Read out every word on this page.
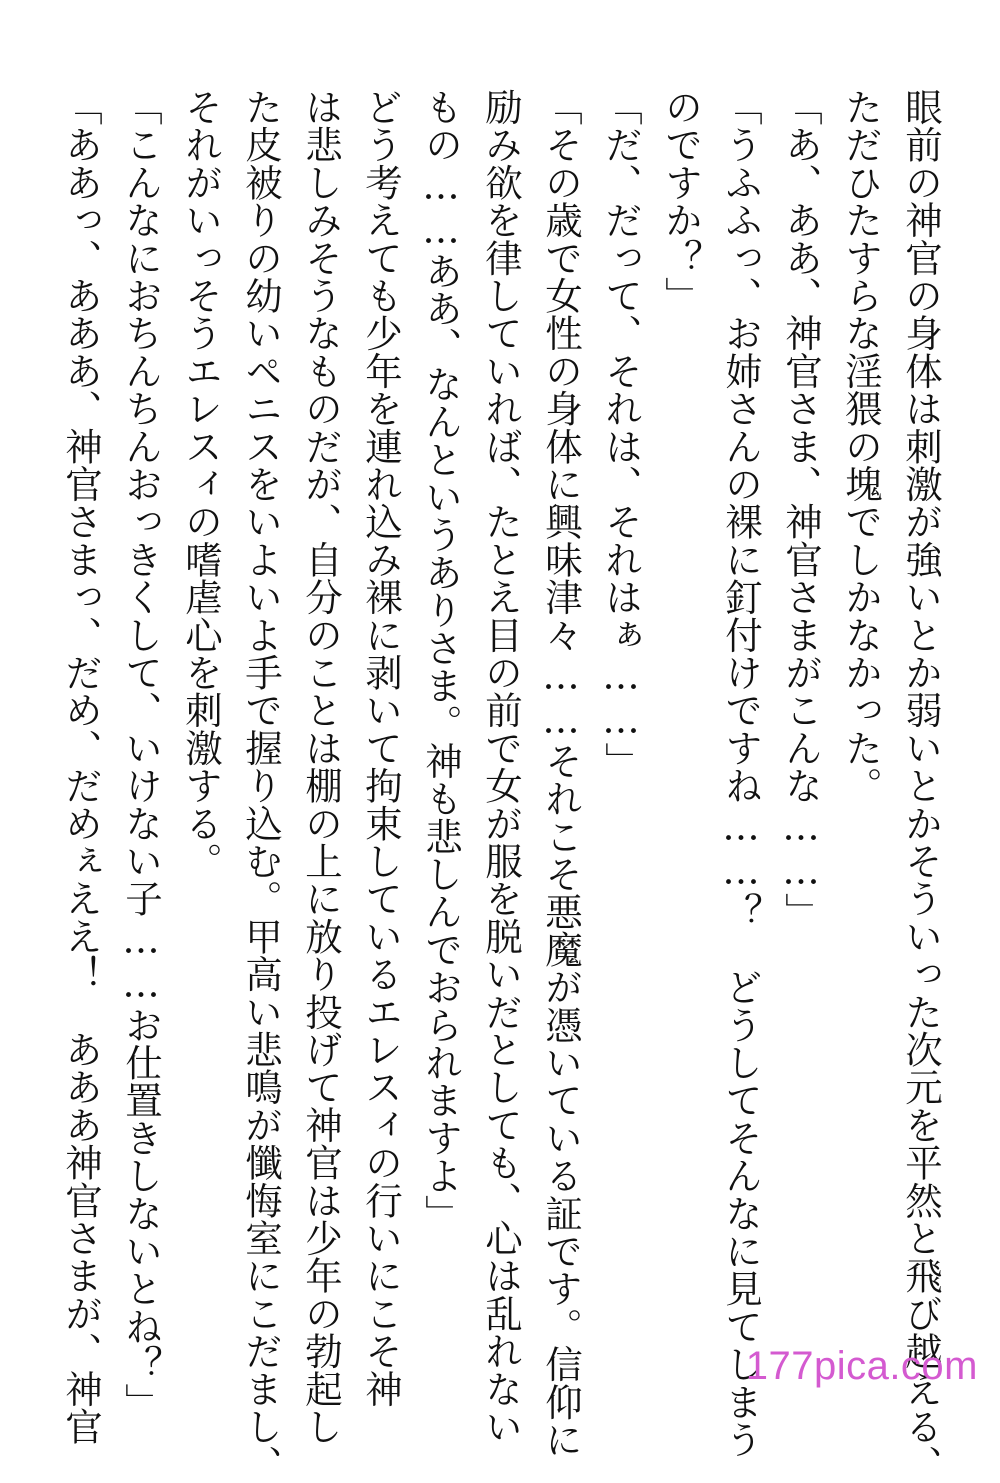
眼前の神官の身体は刺激が強いとか弱いとかそういった次元を平然と飛び越える、
ただひたすらな淫猥の塊でしかなかった。
「あ、ああ、神官さま、神官さまがこんな……」
「うふふっ、お姉さんの裸に釘付けですね……？　どうしてそんなに見てしまう
のですか？」
「だ、だって、それは、それはぁ……」
「その歳で女性の身体に興味津々……それこそ悪魔が憑いている証です。信仰に
励み欲を律していれば、たとえ目の前で女が服を脱いだとしても、心は乱れない
もの……ああ、なんというありさま。神も悲しんでおられますよ」
どう考えても少年を連れ込み裸に剥いて拘束しているエレスィの行いにこそ神
は悲しみそうなものだが、自分のことは棚の上に放り投げて神官は少年の勃起し
た皮被りの幼いペニスをいよいよ手で握り込む。甲高い悲鳴が懺悔室にこだまし、
それがいっそうエレスィの嗜虐心を刺激する。
「こんなにおちんちんおっきくして、いけない子……お仕置きしないとね？」
「ああっ、あああ、神官さまっ、だめ、だめぇええ！　あああ神官さまが、神官	177pica.com
